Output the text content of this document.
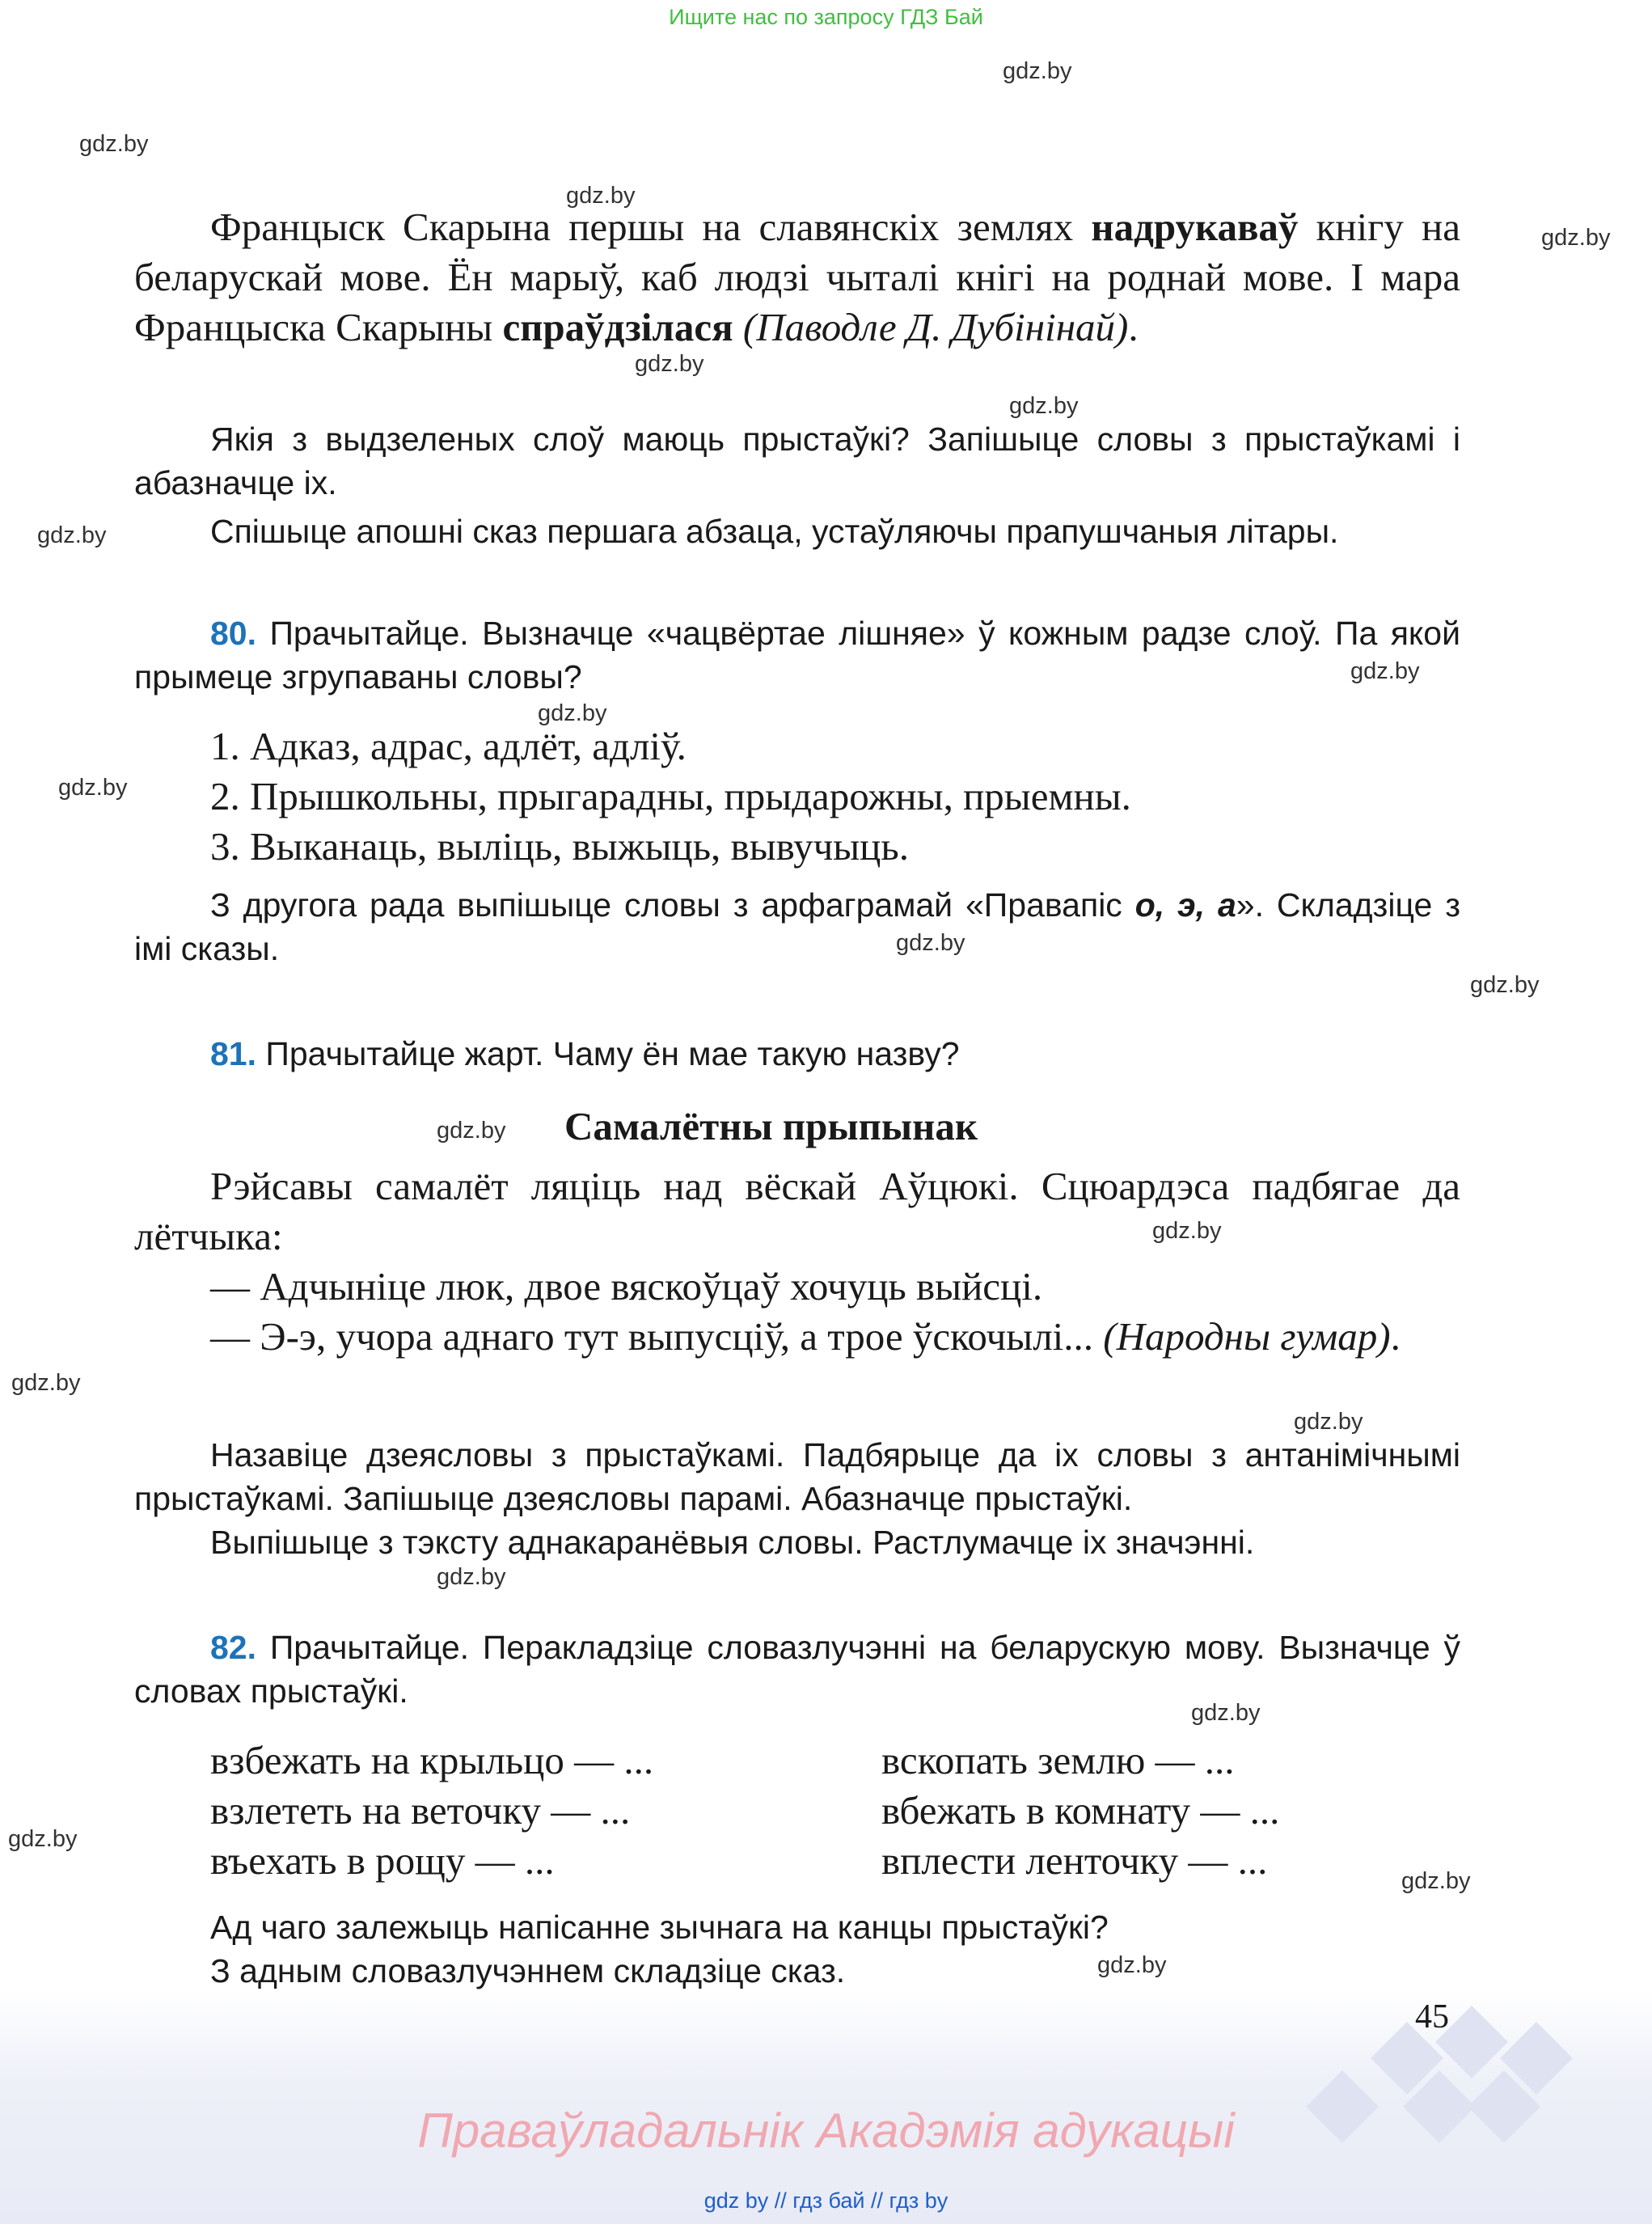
Ищите нас по запросу ГДЗ Бай
gdz.by
gdz.by
gdz.by
gdz.by
gdz.by
gdz.by
gdz.by
gdz.by
gdz.by
gdz.by
gdz.by
gdz.by
gdz.by
gdz.by
gdz.by
gdz.by
gdz.by
gdz.by
gdz.by
gdz.by
gdz.by

Францыск Скарына першы на славянскіх землях надрукаваў кнігу на беларускай мове. Ён марыў, каб людзі чыталі кнігі на роднай мове. І мара Францыска Скарыны спраўдзілася (Паводле Д. Дубінінай).

Якія з выдзеленых слоў маюць прыстаўкі? Запішыце словы з прыстаўкамі і абазначце іх.

Спішыце апошні сказ першага абзаца, устаўляючы прапушчаныя літары.

80. Прачытайце. Вызначце «чацвёртае лішняе» ў кожным радзе слоў. Па якой прымеце згрупаваны словы?

1. Адказ, адрас, адлёт, адліў.
2. Прышкольны, прыгарадны, прыдарожны, прыемны.
3. Выканаць, выліць, выжыць, вывучыць.

З другога рада выпішыце словы з арфаграмай «Правапіс о, э, а». Складзіце з імі сказы.

81. Прачытайце жарт. Чаму ён мае такую назву?

Самалётны прыпынак

Рэйсавы самалёт ляціць над вёскай Аўцюкі. Сцюардэса падбягае да лётчыка:

— Адчыніце люк, двое вяскоўцаў хочуць выйсці.

— Э-э, учора аднаго тут выпусціў, а трое ўскочылі... (Народны гумар).

Назавіце дзеясловы з прыстаўкамі. Падбярыце да іх словы з антанімічнымі прыстаўкамі. Запішыце дзеясловы парамі. Абазначце прыстаўкі.

Выпішыце з тэксту аднакаранёвыя словы. Растлумачце іх значэнні.

82. Прачытайце. Перакладзіце словазлучэнні на беларускую мову. Вызначце ў словах прыстаўкі.

взбежать на крыльцо — ...
взлететь на веточку — ...
въехать в рощу — ...
вскопать землю — ...
вбежать в комнату — ...
вплести ленточку — ...
Ад чаго залежыць напісанне зычнага на канцы прыстаўкі?
З адным словазлучэннем складзіце сказ.
45
Праваўладальнік Акадэмія адукацыі
gdz by // гдз бай // гдз by
